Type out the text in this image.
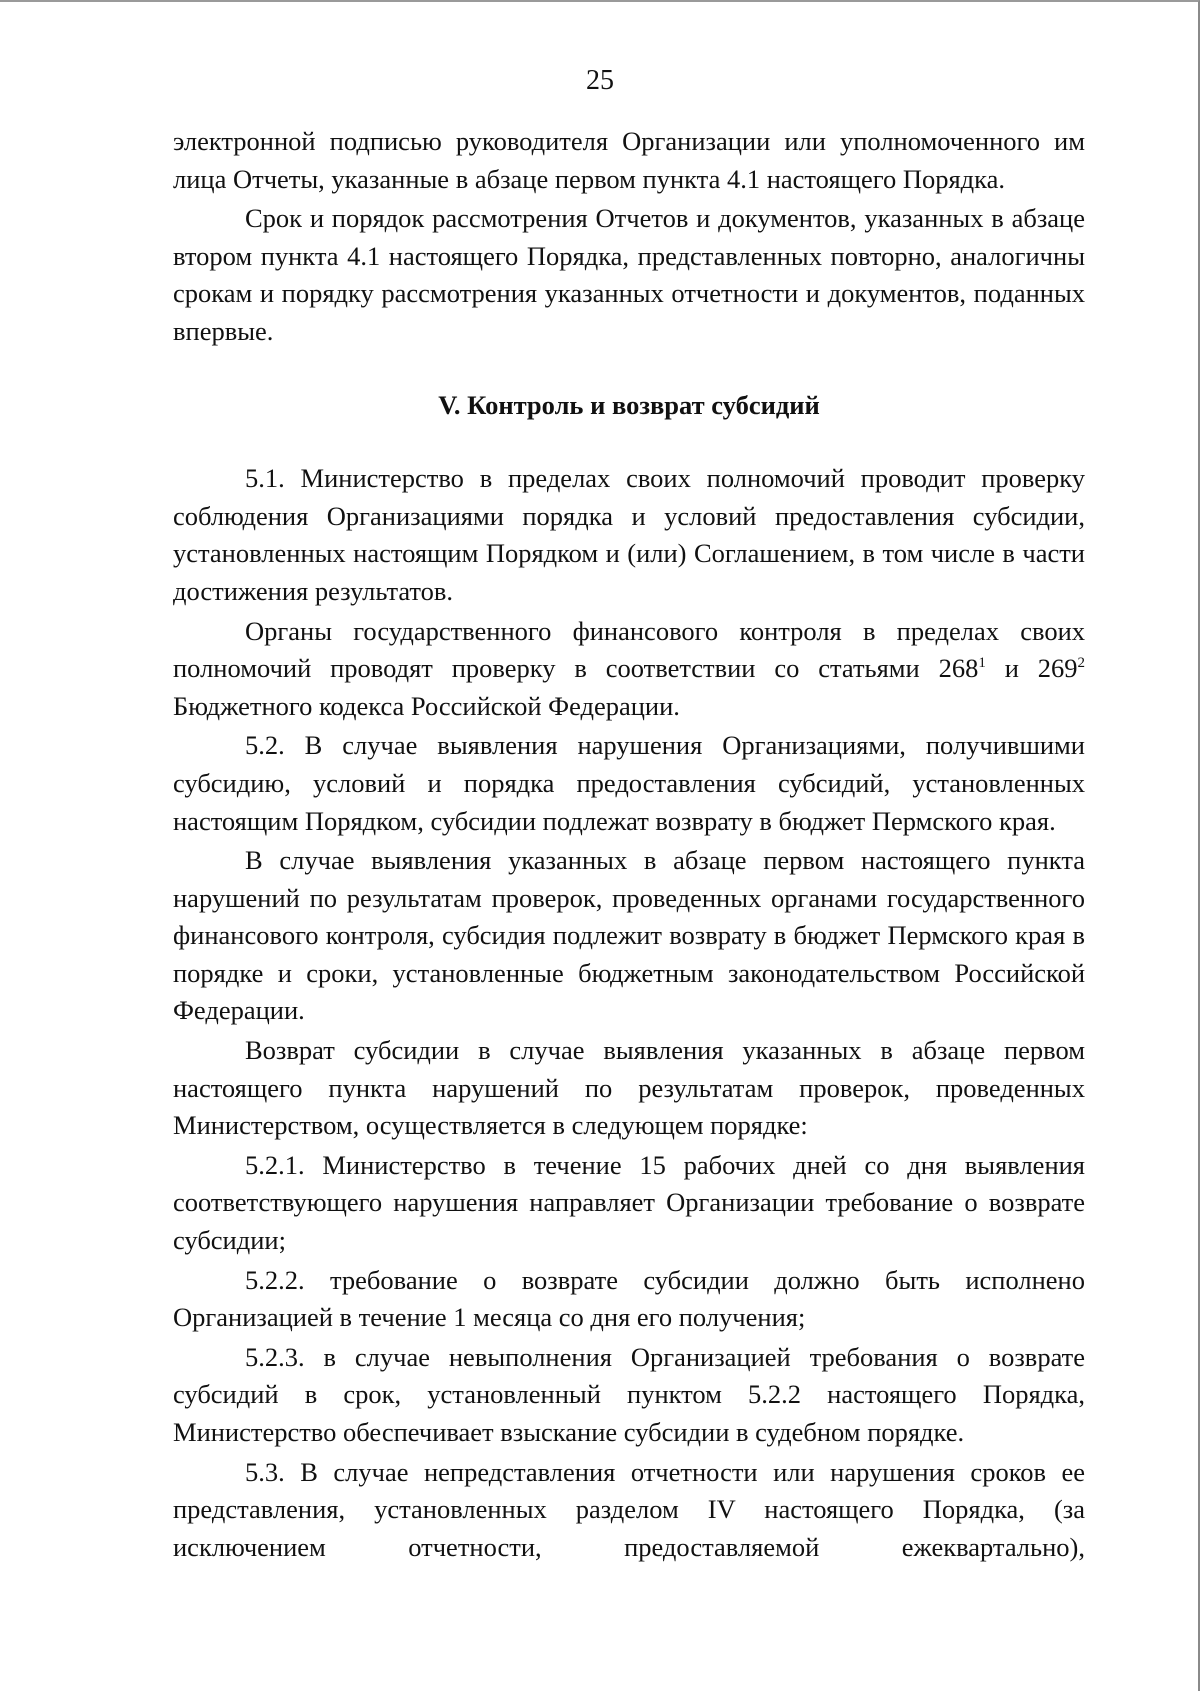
25

электронной подписью руководителя Организации или уполномоченного им лица Отчеты, указанные в абзаце первом пункта 4.1 настоящего Порядка.

Срок и порядок рассмотрения Отчетов и документов, указанных в абзаце втором пункта 4.1 настоящего Порядка, представленных повторно, аналогичны срокам и порядку рассмотрения указанных отчетности и документов, поданных впервые.

V. Контроль и возврат субсидий

5.1. Министерство в пределах своих полномочий проводит проверку соблюдения Организациями порядка и условий предоставления субсидии, установленных настоящим Порядком и (или) Соглашением, в том числе в части достижения результатов.

Органы государственного финансового контроля в пределах своих полномочий проводят проверку в соответствии со статьями $268^1$ и $269^2$ Бюджетного кодекса Российской Федерации.

5.2. В случае выявления нарушения Организациями, получившими субсидию, условий и порядка предоставления субсидий, установленных настоящим Порядком, субсидии подлежат возврату в бюджет Пермского края.

В случае выявления указанных в абзаце первом настоящего пункта нарушений по результатам проверок, проведенных органами государственного финансового контроля, субсидия подлежит возврату в бюджет Пермского края в порядке и сроки, установленные бюджетным законодательством Российской Федерации.

Возврат субсидии в случае выявления указанных в абзаце первом настоящего пункта нарушений по результатам проверок, проведенных Министерством, осуществляется в следующем порядке:

5.2.1. Министерство в течение 15 рабочих дней со дня выявления соответствующего нарушения направляет Организации требование о возврате субсидии;

5.2.2. требование о возврате субсидии должно быть исполнено Организацией в течение 1 месяца со дня его получения;

5.2.3. в случае невыполнения Организацией требования о возврате субсидий в срок, установленный пунктом 5.2.2 настоящего Порядка, Министерство обеспечивает взыскание субсидии в судебном порядке.

5.3. В случае непредставления отчетности или нарушения сроков ее представления, установленных разделом IV настоящего Порядка, (за исключением отчетности, предоставляемой ежеквартально),
